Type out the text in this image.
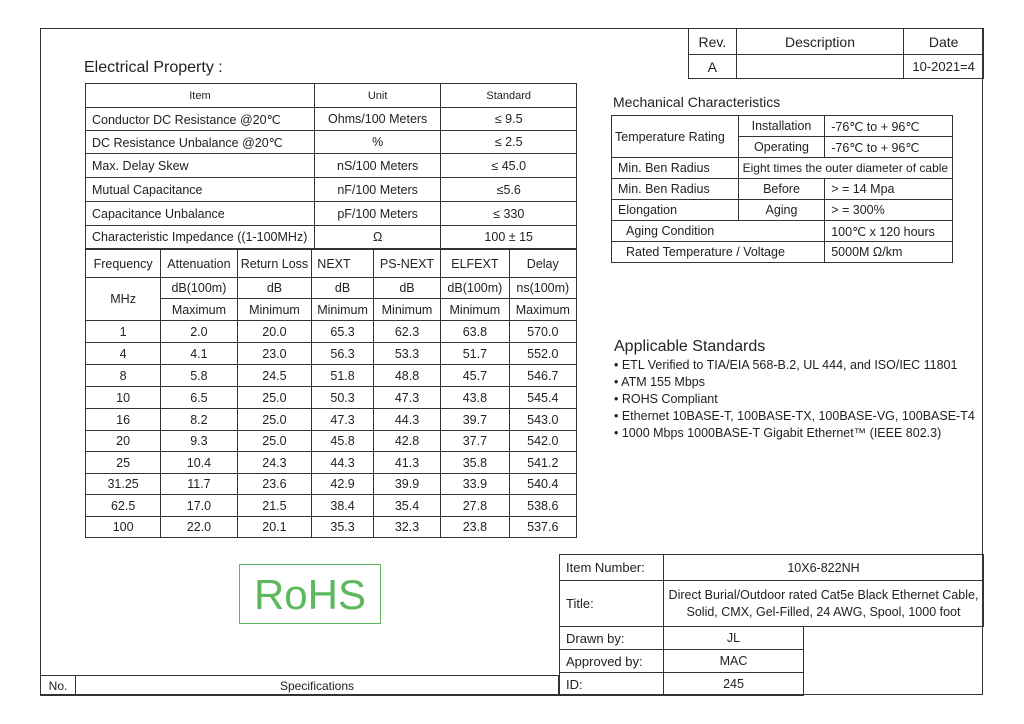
Rev.	Description	Date
A		10-2021=4
Electrical Property :
Item	Unit	Standard
Conductor DC Resistance @20℃	Ohms/100 Meters	≤ 9.5
DC Resistance Unbalance @20℃	%	≤ 2.5
Max. Delay Skew	nS/100 Meters	≤ 45.0
Mutual Capacitance	nF/100 Meters	≤5.6
Capacitance Unbalance	pF/100 Meters	≤ 330
Characteristic Impedance ((1-100MHz)	Ω	100 ± 15
Frequency	Attenuation	Return Loss	NEXT	PS-NEXT	ELFEXT	Delay
MHz	dB(100m)	dB	dB	dB	dB(100m)	ns(100m)
	Maximum	Minimum	Minimum	Minimum	Minimum	Maximum
1	2.0	20.0	65.3	62.3	63.8	570.0
4	4.1	23.0	56.3	53.3	51.7	552.0
8	5.8	24.5	51.8	48.8	45.7	546.7
10	6.5	25.0	50.3	47.3	43.8	545.4
16	8.2	25.0	47.3	44.3	39.7	543.0
20	9.3	25.0	45.8	42.8	37.7	542.0
25	10.4	24.3	44.3	41.3	35.8	541.2
31.25	11.7	23.6	42.9	39.9	33.9	540.4
62.5	17.0	21.5	38.4	35.4	27.8	538.6
100	22.0	20.1	35.3	32.3	23.8	537.6
Mechanical Characteristics
Temperature Rating	Installation	-76℃ to + 96℃
	Operating	-76℃ to + 96℃
Min. Ben Radius	Eight times the outer diameter of cable	
Min. Ben Radius	Before	> = 14 Mpa
Elongation	Aging	> = 300%
Aging Condition		100℃ x 120 hours
Rated Temperature / Voltage		5000M Ω/km
Applicable Standards
• ETL Verified to TIA/EIA 568-B.2, UL 444, and ISO/IEC 11801
• ATM 155 Mbps
• ROHS Compliant
• Ethernet 10BASE-T, 100BASE-TX, 100BASE-VG, 100BASE-T4
• 1000 Mbps 1000BASE-T Gigabit Ethernet™ (IEEE 802.3)
RoHS
Item Number:	10X6-822NH	
Title:	Direct Burial/Outdoor rated Cat5e Black Ethernet Cable,
Solid, CMX, Gel-Filled, 24 AWG, Spool, 1000 foot	

Drawn by:	JL	
Approved by:	MAC	
ID:	245	
No.	Specifications
